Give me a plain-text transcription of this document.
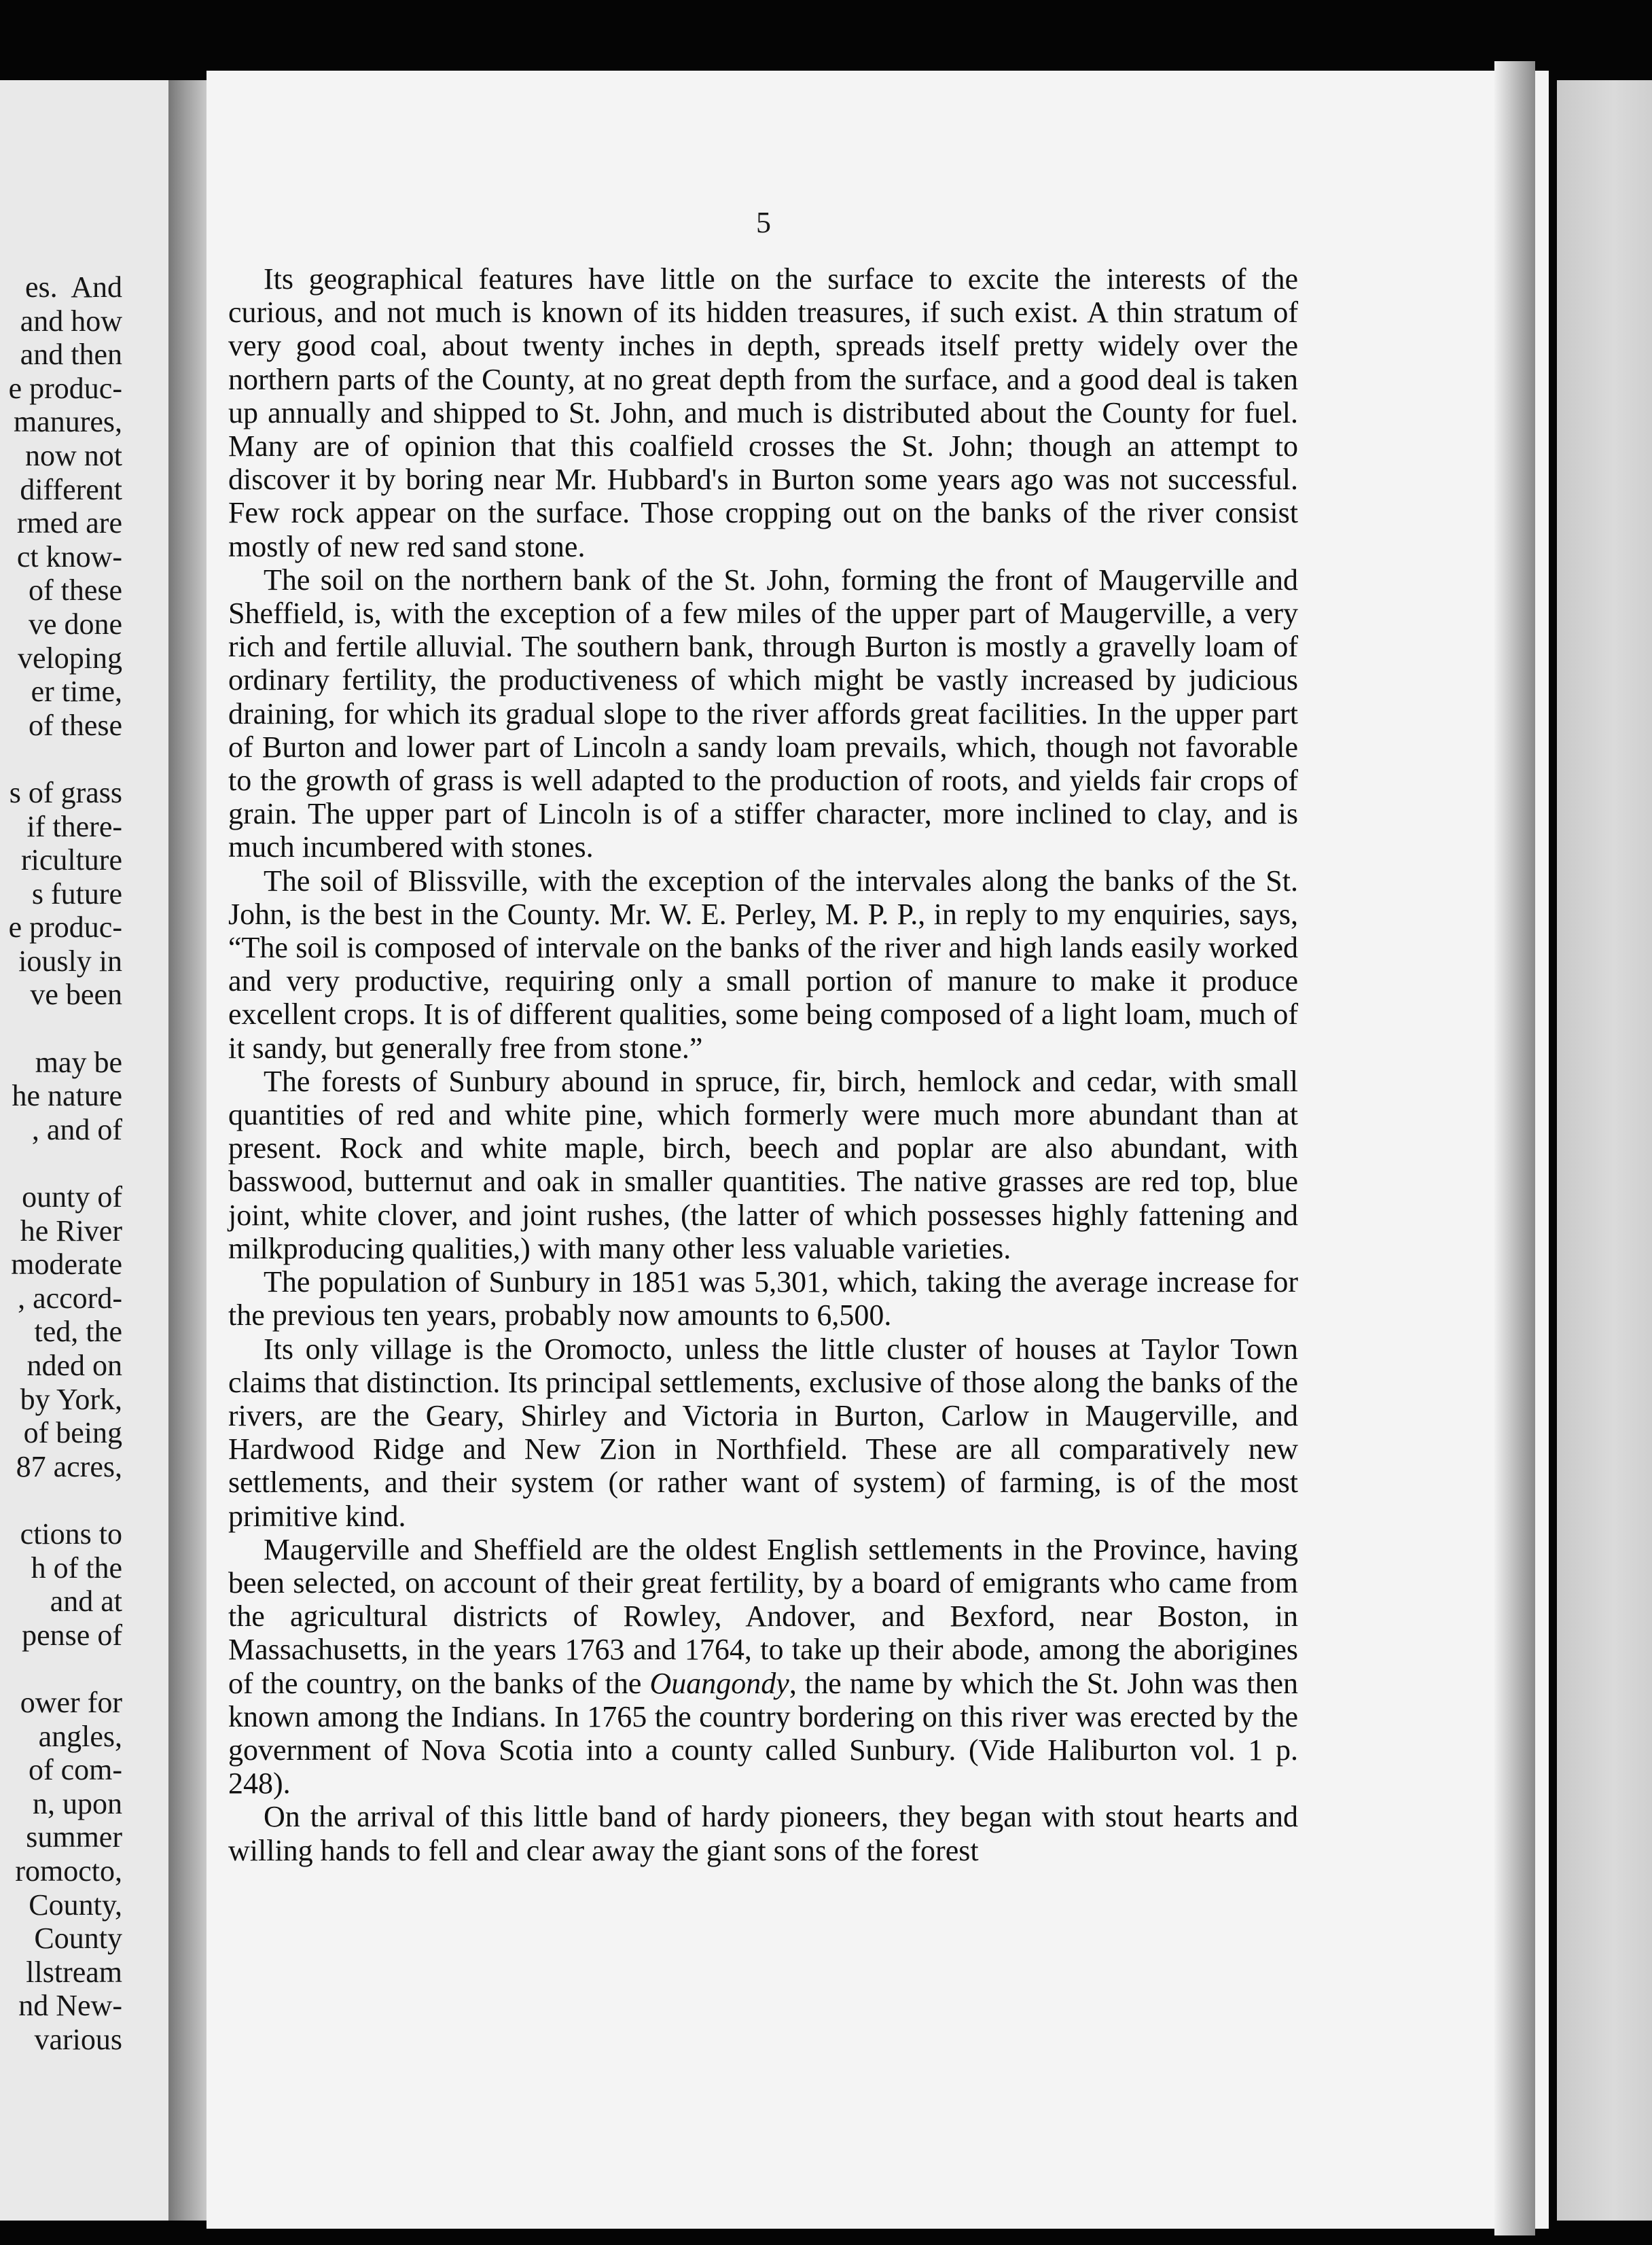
es.  And
and how
and then
e produc-
manures,
now not
different
rmed are
ct know-
of these
ve done
veloping
er time,
of these
s of grass
if there-
riculture
s future
e produc-
iously in
ve been
may be
he nature
, and of
ounty of
he River
moderate
, accord-
ted, the
nded on
by York,
of being
87 acres,
ctions to
h of the
and at
pense of
ower for
angles,
of com-
n, upon
summer
romocto,
County,
County
llstream
nd New-
various
5

Its geographical features have little on the surface to excite the interests of the curious, and not much is known of its hidden treasures, if such exist. A thin stratum of very good coal, about twenty inches in depth, spreads itself pretty widely over the northern parts of the County, at no great depth from the surface, and a good deal is taken up annually and shipped to St. John, and much is distributed about the County for fuel. Many are of opinion that this coalfield crosses the St. John; though an attempt to discover it by boring near Mr. Hubbard's in Burton some years ago was not successful. Few rock appear on the surface. Those cropping out on the banks of the river consist mostly of new red sand stone.

The soil on the northern bank of the St. John, forming the front of Maugerville and Sheffield, is, with the exception of a few miles of the upper part of Maugerville, a very rich and fertile alluvial. The southern bank, through Burton is mostly a gravelly loam of ordinary fertility, the productiveness of which might be vastly increased by judicious draining, for which its gradual slope to the river affords great facilities. In the upper part of Burton and lower part of Lincoln a sandy loam prevails, which, though not favorable to the growth of grass is well adapted to the production of roots, and yields fair crops of grain. The upper part of Lincoln is of a stiffer character, more inclined to clay, and is much incumbered with stones.

The soil of Blissville, with the exception of the intervales along the banks of the St. John, is the best in the County. Mr. W. E. Perley, M. P. P., in reply to my enquiries, says, “The soil is composed of intervale on the banks of the river and high lands easily worked and very productive, requiring only a small portion of manure to make it produce excellent crops. It is of different qualities, some being composed of a light loam, much of it sandy, but generally free from stone.”

The forests of Sunbury abound in spruce, fir, birch, hemlock and cedar, with small quantities of red and white pine, which formerly were much more abundant than at present. Rock and white maple, birch, beech and poplar are also abundant, with basswood, butternut and oak in smaller quantities. The native grasses are red top, blue joint, white clover, and joint rushes, (the latter of which possesses highly fattening and milkproducing qualities,) with many other less valuable varieties.

The population of Sunbury in 1851 was 5,301, which, taking the average increase for the previous ten years, probably now amounts to 6,500.

Its only village is the Oromocto, unless the little cluster of houses at Taylor Town claims that distinction. Its principal settlements, exclusive of those along the banks of the rivers, are the Geary, Shirley and Victoria in Burton, Carlow in Maugerville, and Hardwood Ridge and New Zion in Northfield. These are all comparatively new settlements, and their system (or rather want of system) of farming, is of the most primitive kind.

Maugerville and Sheffield are the oldest English settlements in the Province, having been selected, on account of their great fertility, by a board of emigrants who came from the agricultural districts of Rowley, Andover, and Bexford, near Boston, in Massachusetts, in the years 1763 and 1764, to take up their abode, among the aborigines of the country, on the banks of the Ouangondy, the name by which the St. John was then known among the Indians. In 1765 the country bordering on this river was erected by the government of Nova Scotia into a county called Sunbury. (Vide Haliburton vol. 1 p. 248).

On the arrival of this little band of hardy pioneers, they began with stout hearts and willing hands to fell and clear away the giant sons of the forest
